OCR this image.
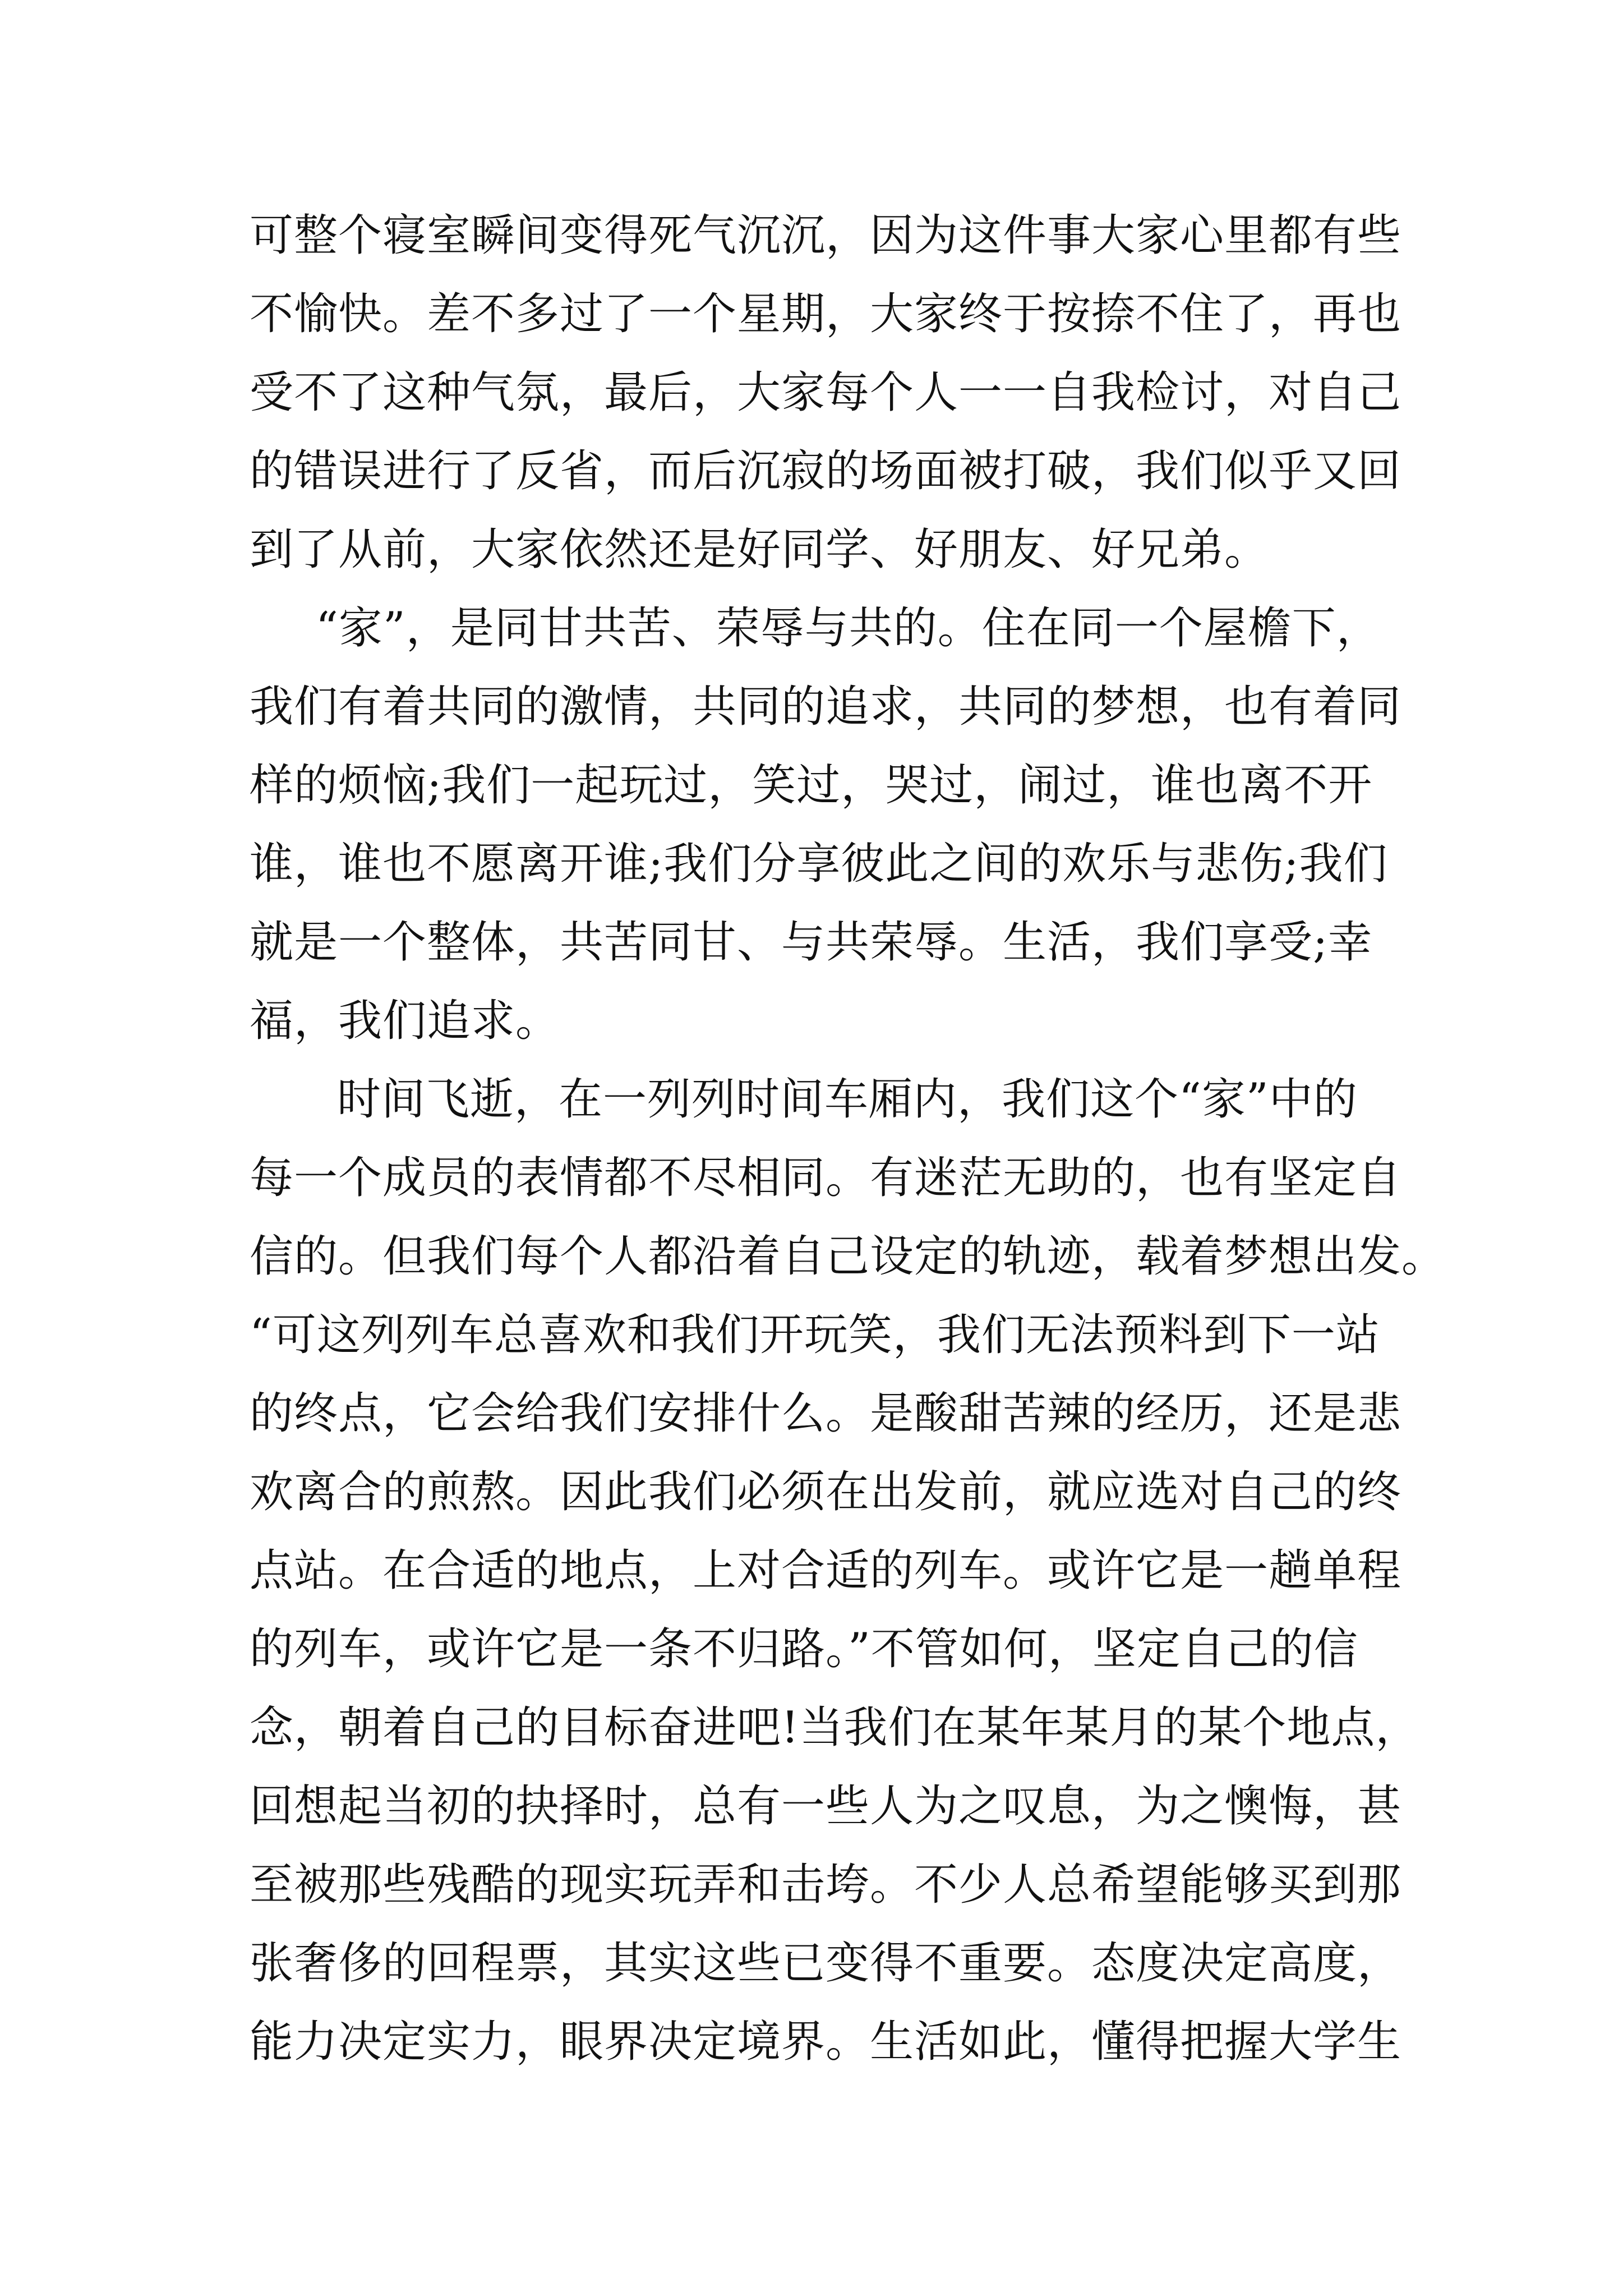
可整个寝室瞬间变得死气沉沉，因为这件事大家心里都有些
不愉快。差不多过了一个星期，大家终于按捺不住了，再也
受不了这种气氛，最后，大家每个人一一自我检讨，对自己
的错误进行了反省，而后沉寂的场面被打破，我们似乎又回
到了从前，大家依然还是好同学、好朋友、好兄弟。
“家”，是同甘共苦、荣辱与共的。住在同一个屋檐下，
我们有着共同的激情，共同的追求，共同的梦想，也有着同
样的烦恼;我们一起玩过，笑过，哭过，闹过，谁也离不开
谁，谁也不愿离开谁;我们分享彼此之间的欢乐与悲伤;我们
就是一个整体，共苦同甘、与共荣辱。生活，我们享受;幸
福，我们追求。
时间飞逝，在一列列时间车厢内，我们这个“家”中的
每一个成员的表情都不尽相同。有迷茫无助的，也有坚定自
信的。但我们每个人都沿着自己设定的轨迹，载着梦想出发。
“可这列列车总喜欢和我们开玩笑，我们无法预料到下一站
的终点，它会给我们安排什么。是酸甜苦辣的经历，还是悲
欢离合的煎熬。因此我们必须在出发前，就应选对自己的终
点站。在合适的地点，上对合适的列车。或许它是一趟单程
的列车，或许它是一条不归路。”不管如何，坚定自己的信
念，朝着自己的目标奋进吧!当我们在某年某月的某个地点，
回想起当初的抉择时，总有一些人为之叹息，为之懊悔，甚
至被那些残酷的现实玩弄和击垮。不少人总希望能够买到那
张奢侈的回程票，其实这些已变得不重要。态度决定高度，
能力决定实力，眼界决定境界。生活如此，懂得把握大学生
